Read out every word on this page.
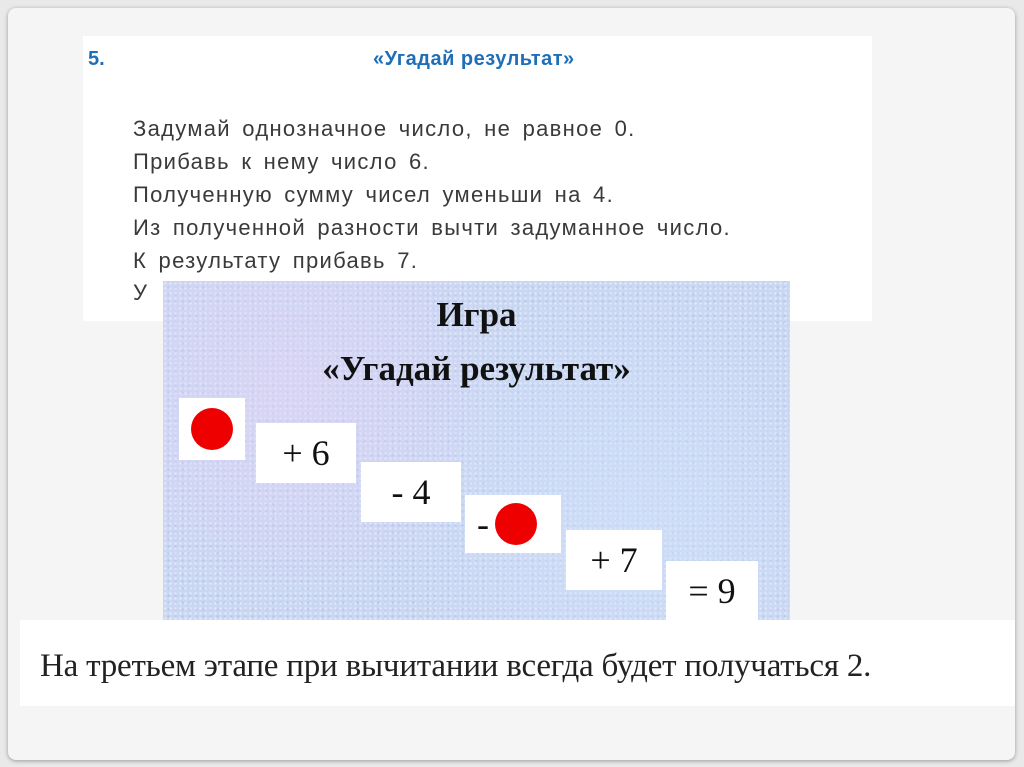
5.	«Угадай результат»
Задумай однозначное число, не равное 0.
Прибавь к нему число 6.
Полученную сумму чисел уменьши на 4.
Из полученной разности вычти задуманное число.
К результату прибавь 7.
У
Игра
«Угадай результат»
+ 6
- 4
-
+ 7
= 9
На третьем этапе при вычитании всегда будет получаться 2.
